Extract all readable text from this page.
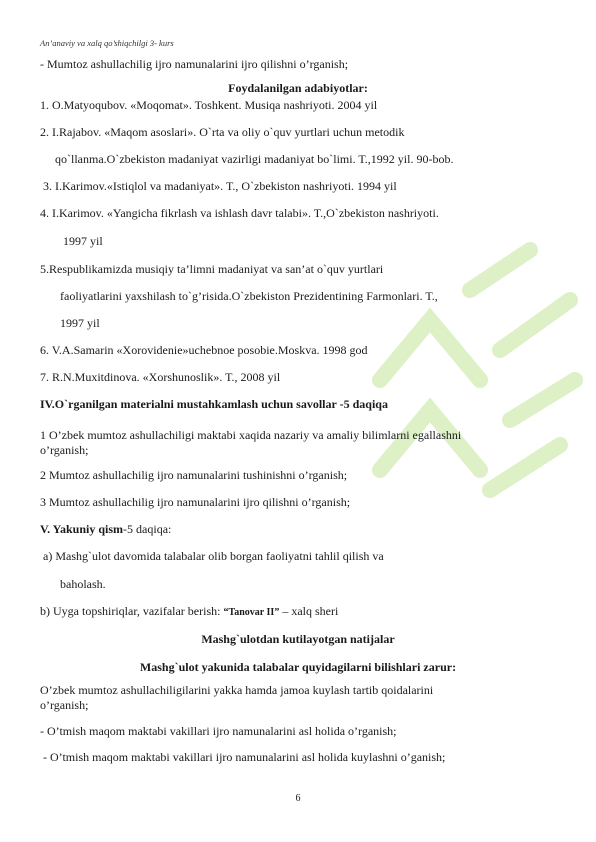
An’anaviy va xalq qo’shiqchilgi 3- kurs
- Mumtoz ashullachilig ijro namunalarini ijro qilishni o’rganish;
Foydalanilgan adabiyotlar:
1. O.Matyoqubov. «Moqomat». Toshkent. Musiqa nashriyoti. 2004 yil
2. I.Rajabov. «Maqom asoslari». O`rta va oliy o`quv yurtlari uchun metodik
qo`llanma.O`zbekiston madaniyat vazirligi madaniyat bo`limi. T.,1992 yil. 90-bob.
3. I.Karimov.«Istiqlol va madaniyat». T., O`zbekiston nashriyoti. 1994 yil
4. I.Karimov. «Yangicha fikrlash va ishlash davr talabi». T.,O`zbekiston nashriyoti.
1997 yil
5.Respublikamizda musiqiy ta’limni madaniyat va san’at o`quv yurtlari
faoliyatlarini yaxshilash to`g’risida.O`zbekiston Prezidentining Farmonlari. T.,
1997 yil
6. V.A.Samarin «Xorovidenie»uchebnoe posobie.Moskva. 1998 god
7. R.N.Muxitdinova. «Xorshunoslik». T., 2008 yil
IV.O`rganilgan materialni mustahkamlash uchun savollar -5 daqiqa
1 O’zbek mumtoz ashullachiligi maktabi xaqida nazariy va amaliy bilimlarni egallashni
o’rganish;
2 Mumtoz ashullachilig ijro namunalarini tushinishni o’rganish;
3 Mumtoz ashullachilig ijro namunalarini ijro qilishni o’rganish;
V. Yakuniy qism-5 daqiqa:
a) Mashg`ulot davomida talabalar olib borgan faoliyatni tahlil qilish va
baholash.
b) Uyga topshiriqlar, vazifalar berish: “Tanovar II” – xalq sheri
Mashg`ulotdan kutilayotgan natijalar
Mashg`ulot yakunida talabalar quyidagilarni bilishlari zarur:
O’zbek mumtoz ashullachiligilarini yakka hamda jamoa kuylash tartib qoidalarini
o’rganish;
- O’tmish maqom maktabi vakillari ijro namunalarini asl holida o’rganish;
- O’tmish maqom maktabi vakillari ijro namunalarini asl holida kuylashni o’ganish;
6
